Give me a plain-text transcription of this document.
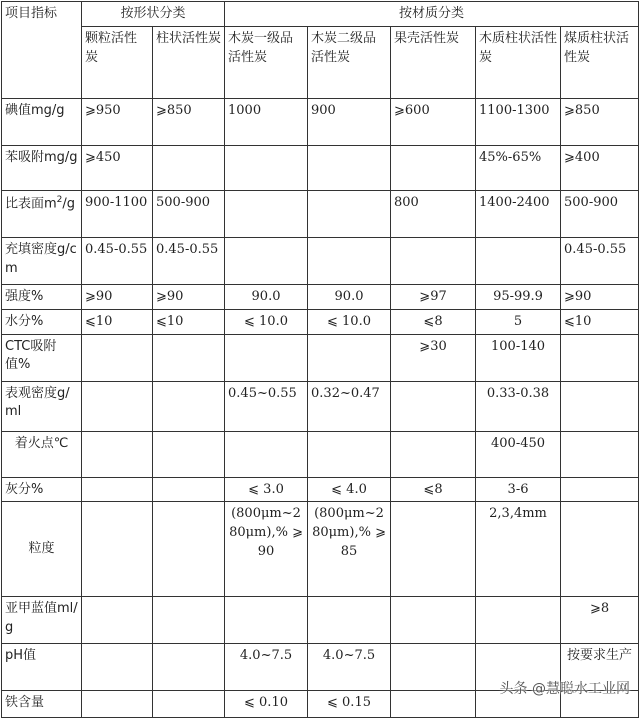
项目指标	按形状分类		按材质分类				
	颗粒活性炭	柱状活性炭	木炭一级品活性炭	木炭二级品活性炭	果壳活性炭	木质柱状活性炭	煤质柱状活性炭
碘值mg/g	⩾950	⩾850	1000	900	⩾600	1100-1300	⩾850
苯吸附mg/g	⩾450					45%-65%	⩾400
比表面$m^2/g$	900-1100	500-900			800	1400-2400	500-900
充填密度g/cm	0.45-0.55	0.45-0.55					0.45-0.55
强度%	⩾90	⩾90	90.0	90.0	⩾97	95-99.9	⩾90
水分%	⩽10	⩽10	⩽ 10.0	⩽ 10.0	⩽8	5	⩽10
CTC吸附值%					⩾30	100-140	
表观密度g/ml			0.45~0.55	0.32~0.47		0.33-0.38	
着火点℃						400-450	
灰分%			⩽ 3.0	⩽ 4.0	⩽8	3-6	
粒度			(800μm~280μm),% ⩾ 90	(800μm~280μm),% ⩾ 85		2,3,4mm	
亚甲蓝值ml/g							⩾8
pH值			4.0~7.5	4.0~7.5			按要求生产
铁含量			⩽ 0.10	⩽ 0.15			
头条 @慧聪水工业网
